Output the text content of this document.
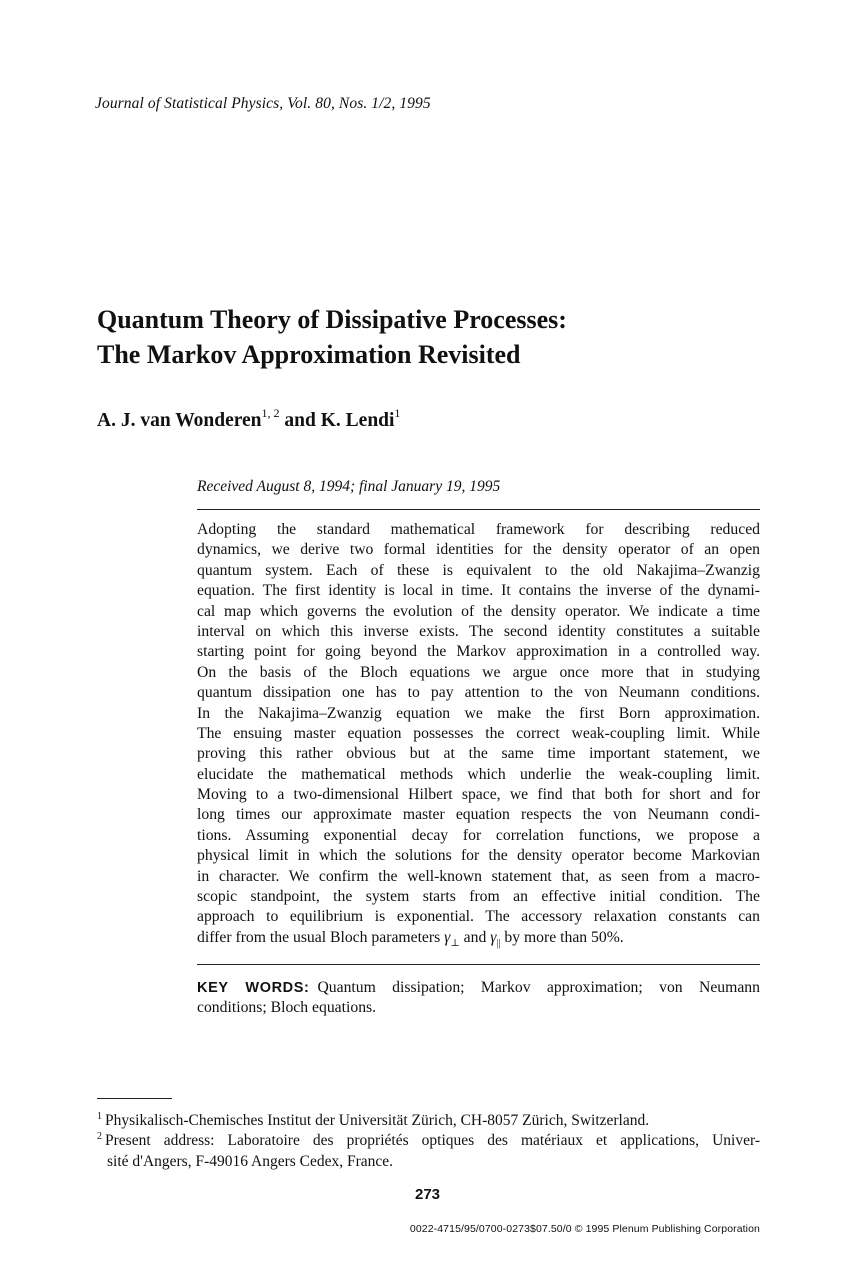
Journal of Statistical Physics, Vol. 80, Nos. 1/2, 1995
Quantum Theory of Dissipative Processes:
The Markov Approximation Revisited
A. J. van Wonderen$^{1, 2}$ and K. Lendi$^1$
Received August 8, 1994; final January 19, 1995
Adopting the standard mathematical framework for describing reduced
dynamics, we derive two formal identities for the density operator of an open
quantum system. Each of these is equivalent to the old Nakajima–Zwanzig
equation. The first identity is local in time. It contains the inverse of the dynami-
cal map which governs the evolution of the density operator. We indicate a time
interval on which this inverse exists. The second identity constitutes a suitable
starting point for going beyond the Markov approximation in a controlled way.
On the basis of the Bloch equations we argue once more that in studying
quantum dissipation one has to pay attention to the von Neumann conditions.
In the Nakajima–Zwanzig equation we make the first Born approximation.
The ensuing master equation possesses the correct weak-coupling limit. While
proving this rather obvious but at the same time important statement, we
elucidate the mathematical methods which underlie the weak-coupling limit.
Moving to a two-dimensional Hilbert space, we find that both for short and for
long times our approximate master equation respects the von Neumann condi-
tions. Assuming exponential decay for correlation functions, we propose a
physical limit in which the solutions for the density operator become Markovian
in character. We confirm the well-known statement that, as seen from a macro-
scopic standpoint, the system starts from an effective initial condition. The
approach to equilibrium is exponential. The accessory relaxation constants can
differ from the usual Bloch parameters $\gamma_\perp$ and $\gamma_{||}$ by more than 50%.
KEY WORDS: Quantum dissipation; Markov approximation; von Neumann
conditions; Bloch equations.
$^1$ Physikalisch-Chemisches Institut der Universität Zürich, CH-8057 Zürich, Switzerland.
$^2$ Present address: Laboratoire des propriétés optiques des matériaux et applications, Univer-
sité d'Angers, F-49016 Angers Cedex, France.
273
0022-4715/95/0700-0273$07.50/0 © 1995 Plenum Publishing Corporation
